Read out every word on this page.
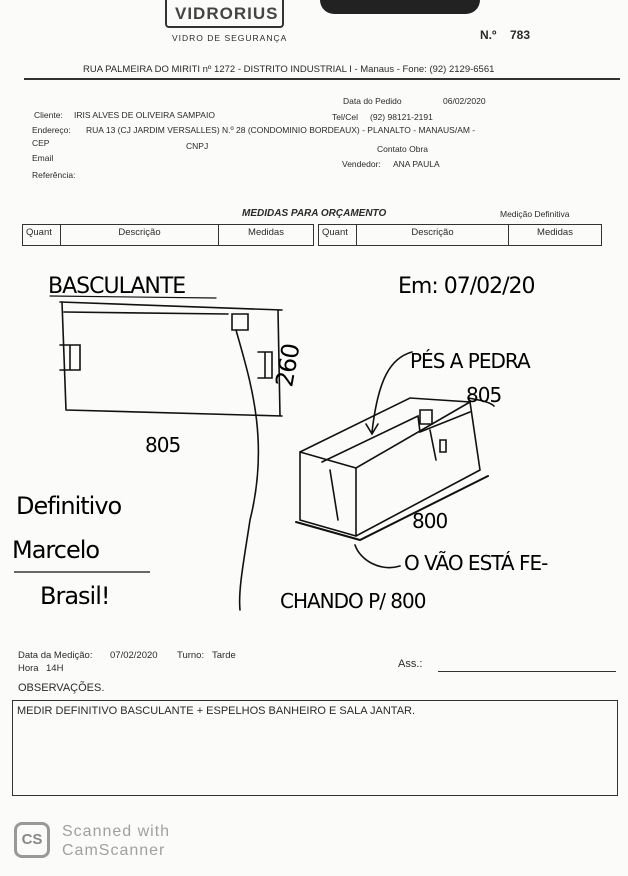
VIDRORIUS
VIDRO DE SEGURANÇA	N.º 783
RUA PALMEIRA DO MIRITI nº 1272 - DISTRITO INDUSTRIAL I - Manaus - Fone: (92) 2129-6561
Data do Pedido	06/02/2020
Cliente: IRIS ALVES DE OLIVEIRA SAMPAIO	Tel/Cel (92) 98121-2191
Endereço: RUA 13 (CJ JARDIM VERSALLES) N.º 28 (CONDOMINIO BORDEAUX) - PLANALTO - MANAUS/AM -
CEP	CNPJ	Contato Obra
Email
Vendedor: ANA PAULA
Referência:
MEDIDAS PARA ORÇAMENTO	Medição Definitiva
Quant	Descrição	Medidas	Quant	Descrição	Medidas
BASCULANTE	Em: 07/02/20
260
805
PÉS A PEDRA
805
800
O VÃO ESTÁ FE-
CHANDO P/ 800
Definitivo
Marcelo
Brasil!
Data da Medição: 07/02/2020 Turno: Tarde
Hora 14H	Ass.:
OBSERVAÇÕES.
MEDIR DEFINITIVO BASCULANTE + ESPELHOS BANHEIRO E SALA JANTAR.
CS	Scanned with CamScanner
